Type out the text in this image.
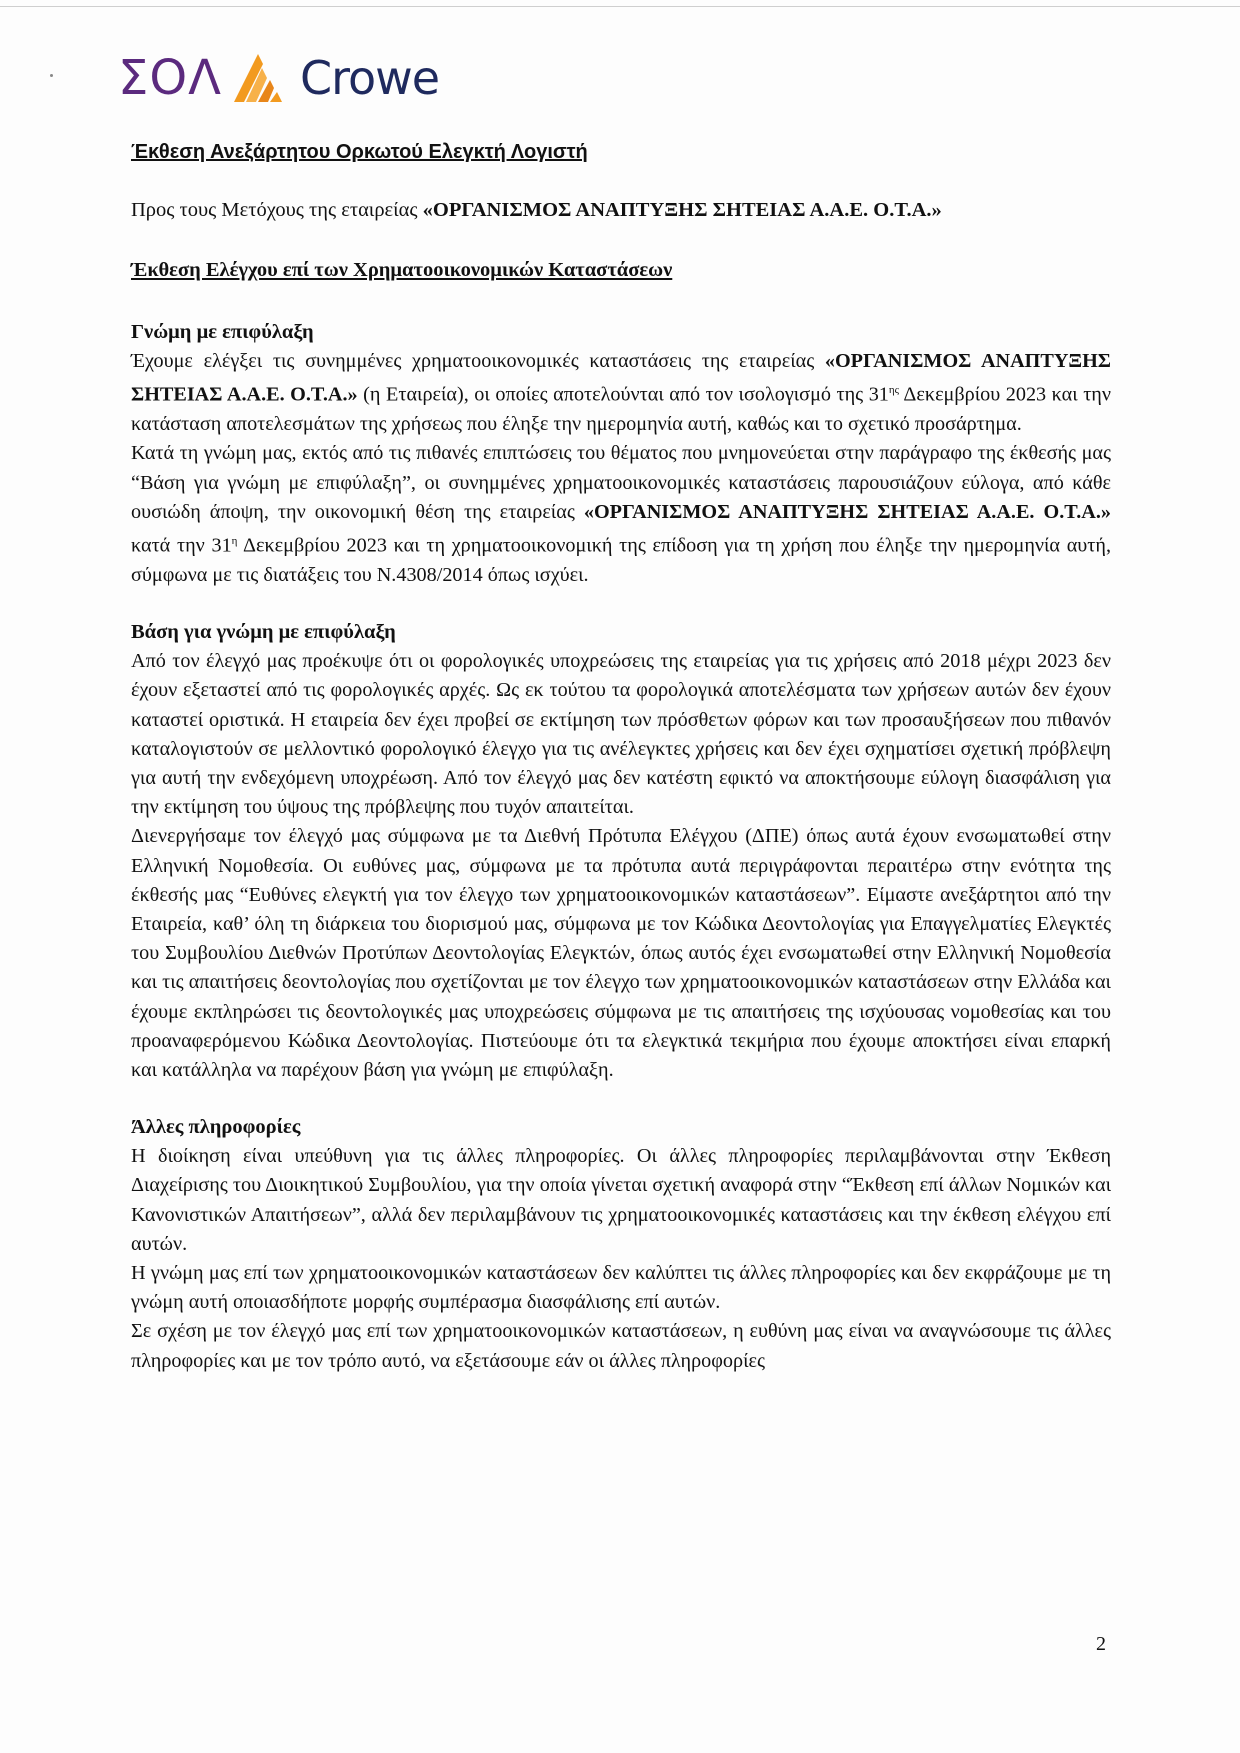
ΣΟΛ Crowe

Έκθεση Ανεξάρτητου Ορκωτού Ελεγκτή Λογιστή

Προς τους Μετόχους της εταιρείας «ΟΡΓΑΝΙΣΜΟΣ ΑΝΑΠΤΥΞΗΣ ΣΗΤΕΙΑΣ Α.Α.Ε. Ο.Τ.Α.»

Έκθεση Ελέγχου επί των Χρηματοοικονομικών Καταστάσεων

Γνώμη με επιφύλαξη

Έχουμε ελέγξει τις συνημμένες χρηματοοικονομικές καταστάσεις της εταιρείας «ΟΡΓΑΝΙΣΜΟΣ ΑΝΑΠΤΥΞΗΣ ΣΗΤΕΙΑΣ Α.Α.Ε. Ο.Τ.Α.» (η Εταιρεία), οι οποίες αποτελούνται από τον ισολογισμό της $31^{\eta\varsigma}$ Δεκεμβρίου 2023 και την κατάσταση αποτελεσμάτων της χρήσεως που έληξε την ημερομηνία αυτή, καθώς και το σχετικό προσάρτημα.

Κατά τη γνώμη μας, εκτός από τις πιθανές επιπτώσεις του θέματος που μνημονεύεται στην παράγραφο της έκθεσής μας “Βάση για γνώμη με επιφύλαξη”, οι συνημμένες χρηματοοικονομικές καταστάσεις παρουσιάζουν εύλογα, από κάθε ουσιώδη άποψη, την οικονομική θέση της εταιρείας «ΟΡΓΑΝΙΣΜΟΣ ΑΝΑΠΤΥΞΗΣ ΣΗΤΕΙΑΣ Α.Α.Ε. Ο.Τ.Α.» κατά την $31^\eta$ Δεκεμβρίου 2023 και τη χρηματοοικονομική της επίδοση για τη χρήση που έληξε την ημερομηνία αυτή, σύμφωνα με τις διατάξεις του Ν.4308/2014 όπως ισχύει.

Βάση για γνώμη με επιφύλαξη

Από τον έλεγχό μας προέκυψε ότι οι φορολογικές υποχρεώσεις της εταιρείας για τις χρήσεις από 2018 μέχρι 2023 δεν έχουν εξεταστεί από τις φορολογικές αρχές. Ως εκ τούτου τα φορολογικά αποτελέσματα των χρήσεων αυτών δεν έχουν καταστεί οριστικά. Η εταιρεία δεν έχει προβεί σε εκτίμηση των πρόσθετων φόρων και των προσαυξήσεων που πιθανόν καταλογιστούν σε μελλοντικό φορολογικό έλεγχο για τις ανέλεγκτες χρήσεις και δεν έχει σχηματίσει σχετική πρόβλεψη για αυτή την ενδεχόμενη υποχρέωση. Από τον έλεγχό μας δεν κατέστη εφικτό να αποκτήσουμε εύλογη διασφάλιση για την εκτίμηση του ύψους της πρόβλεψης που τυχόν απαιτείται.

Διενεργήσαμε τον έλεγχό μας σύμφωνα με τα Διεθνή Πρότυπα Ελέγχου (ΔΠΕ) όπως αυτά έχουν ενσωματωθεί στην Ελληνική Νομοθεσία. Οι ευθύνες μας, σύμφωνα με τα πρότυπα αυτά περιγράφονται περαιτέρω στην ενότητα της έκθεσής μας “Ευθύνες ελεγκτή για τον έλεγχο των χρηματοοικονομικών καταστάσεων”. Είμαστε ανεξάρτητοι από την Εταιρεία, καθ’ όλη τη διάρκεια του διορισμού μας, σύμφωνα με τον Κώδικα Δεοντολογίας για Επαγγελματίες Ελεγκτές του Συμβουλίου Διεθνών Προτύπων Δεοντολογίας Ελεγκτών, όπως αυτός έχει ενσωματωθεί στην Ελληνική Νομοθεσία και τις απαιτήσεις δεοντολογίας που σχετίζονται με τον έλεγχο των χρηματοοικονομικών καταστάσεων στην Ελλάδα και έχουμε εκπληρώσει τις δεοντολογικές μας υποχρεώσεις σύμφωνα με τις απαιτήσεις της ισχύουσας νομοθεσίας και του προαναφερόμενου Κώδικα Δεοντολογίας. Πιστεύουμε ότι τα ελεγκτικά τεκμήρια που έχουμε αποκτήσει είναι επαρκή και κατάλληλα να παρέχουν βάση για γνώμη με επιφύλαξη.

Άλλες πληροφορίες

Η διοίκηση είναι υπεύθυνη για τις άλλες πληροφορίες. Οι άλλες πληροφορίες περιλαμβάνονται στην Έκθεση Διαχείρισης του Διοικητικού Συμβουλίου, για την οποία γίνεται σχετική αναφορά στην “Έκθεση επί άλλων Νομικών και Κανονιστικών Απαιτήσεων”, αλλά δεν περιλαμβάνουν τις χρηματοοικονομικές καταστάσεις και την έκθεση ελέγχου επί αυτών.

Η γνώμη μας επί των χρηματοοικονομικών καταστάσεων δεν καλύπτει τις άλλες πληροφορίες και δεν εκφράζουμε με τη γνώμη αυτή οποιασδήποτε μορφής συμπέρασμα διασφάλισης επί αυτών.

Σε σχέση με τον έλεγχό μας επί των χρηματοοικονομικών καταστάσεων, η ευθύνη μας είναι να αναγνώσουμε τις άλλες πληροφορίες και με τον τρόπο αυτό, να εξετάσουμε εάν οι άλλες πληροφορίες

2
